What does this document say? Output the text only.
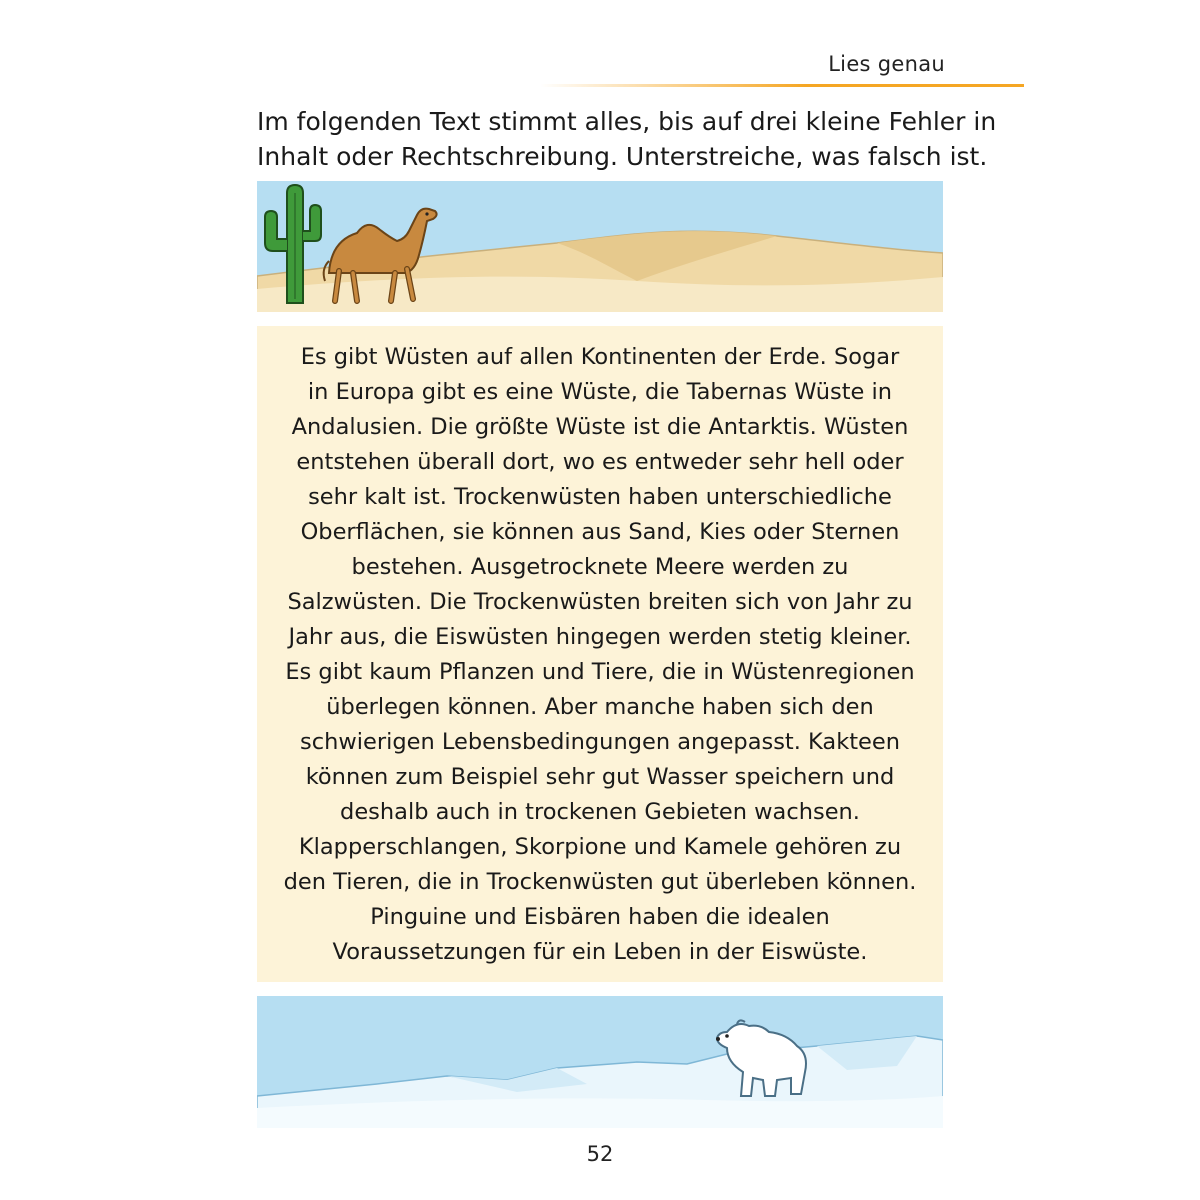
Lies genau
Im folgenden Text stimmt alles, bis auf drei kleine Fehler in
Inhalt oder Rechtschreibung. Unterstreiche, was falsch ist.
Es gibt Wüsten auf allen Kontinenten der Erde. Sogar
in Europa gibt es eine Wüste, die Tabernas Wüste in
Andalusien. Die größte Wüste ist die Antarktis. Wüsten
entstehen überall dort, wo es entweder sehr hell oder
sehr kalt ist. Trockenwüsten haben unterschiedliche
Oberflächen, sie können aus Sand, Kies oder Sternen
bestehen. Ausgetrocknete Meere werden zu
Salzwüsten. Die Trockenwüsten breiten sich von Jahr zu
Jahr aus, die Eiswüsten hingegen werden stetig kleiner.
Es gibt kaum Pflanzen und Tiere, die in Wüstenregionen
überlegen können. Aber manche haben sich den
schwierigen Lebensbedingungen angepasst. Kakteen
können zum Beispiel sehr gut Wasser speichern und
deshalb auch in trockenen Gebieten wachsen.
Klapperschlangen, Skorpione und Kamele gehören zu
den Tieren, die in Trockenwüsten gut überleben können.
Pinguine und Eisbären haben die idealen
Voraussetzungen für ein Leben in der Eiswüste.
52
